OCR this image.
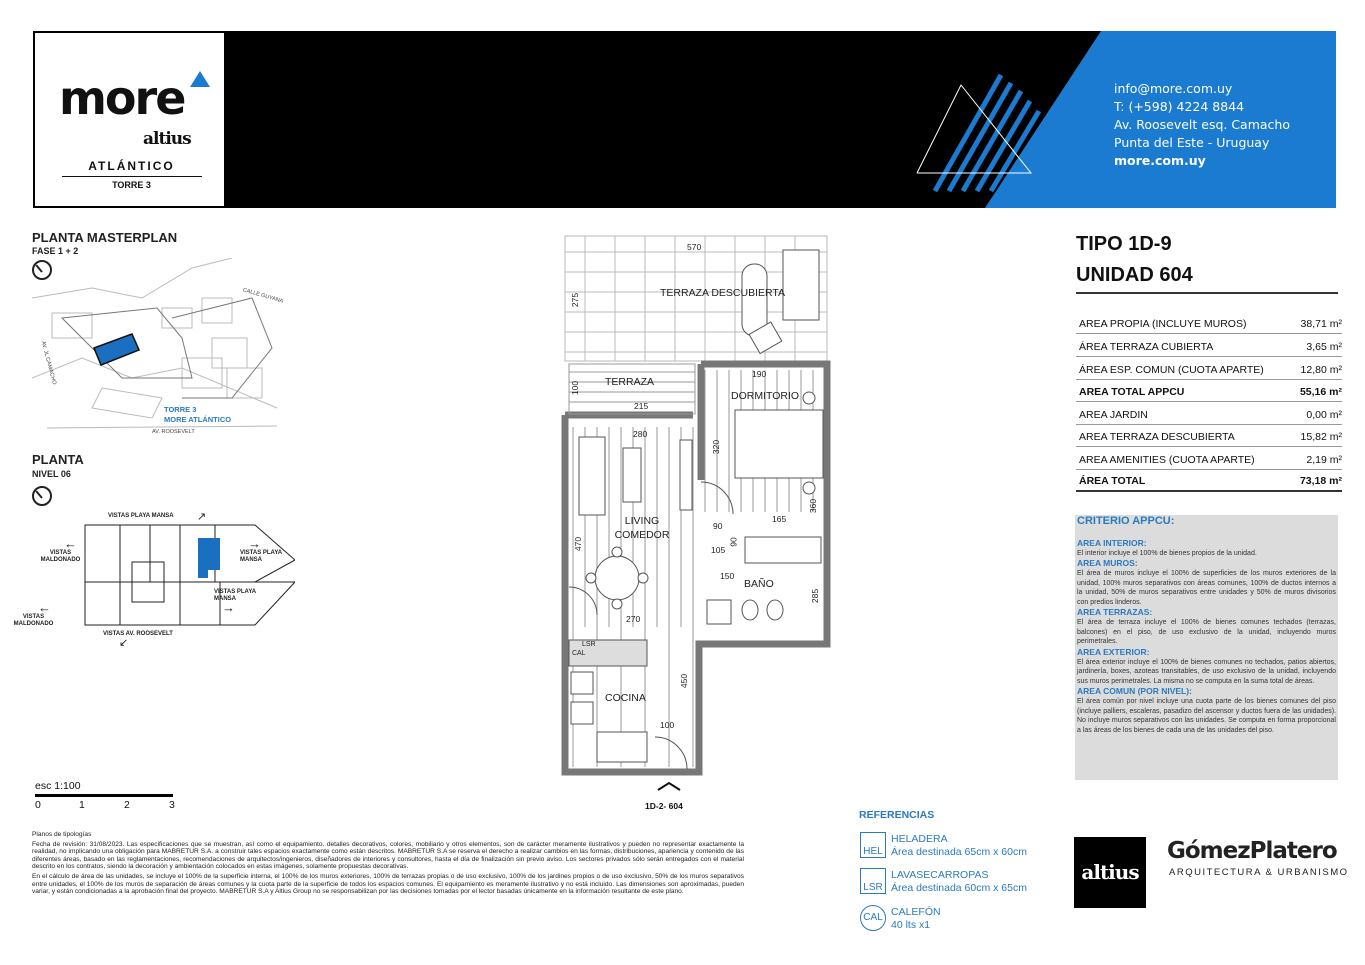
more
altius
ATLÁNTICO
TORRE 3
info@more.com.uy
T: (+598) 4224 8844
Av. Roosevelt esq. Camacho
Punta del Este - Uruguay
more.com.uy
PLANTA MASTERPLAN
FASE 1 + 2
CALLE GUYANA
AV. JL CAMACHO
AV. ROOSEVELT
TORRE 3
MORE ATLÁNTICO
PLANTA
NIVEL 06
VISTAS PLAYA MANSA ↗
←
VISTAS MALDONADO
→
VISTAS PLAYA MANSA
VISTAS PLAYA MANSA
→
←
VISTAS MALDONADO
VISTAS AV. ROOSEVELT
↙
TERRAZA DESCUBIERTA
TERRAZA
DORMITORIO
LIVING COMEDOR
BAÑO
COCINA
LSR
CAL
570
275
100
215
190
280
320
360
165
90
90
105
470
150
285
270
450
100
1D-2- 604
esc 1:100
0	1	2	3

Planos de tipologías

Fecha de revisión: 31/08/2023. Las especificaciones que se muestran, así como el equipamiento, detalles decorativos, colores, mobiliario y otros elementos, son de carácter meramente ilustrativos y pueden no representar exactamente la realidad, no implicando una obligación para MABRETUR S.A. a construir tales espacios exactamente como están descritos. MABRETUR S.A se reserva el derecho a realizar cambios en las formas, distribuciones, apariencia y contenido de las diferentes áreas, basado en las reglamentaciones, recomendaciones de arquitectos/ingenieros, diseñadores de interiores y consultores, hasta el día de finalización sin previo aviso. Los sectores privados sólo serán entregados con el material descrito en los contratos, siendo la decoración y ambientación colocados en estas imágenes, solamente propuestas decorativas.

En el cálculo de área de las unidades, se incluye el 100% de la superficie interna, el 100% de los muros exteriores, 100% de terrazas propias o de uso exclusivo, 100% de los jardines propios o de uso exclusivo, 50% de los muros separativos entre unidades, el 100% de los muros de separación de áreas comunes y la cuota parte de la superficie de todos los espacios comunes. El equipamiento es meramente ilustrativo y no está incluido. Las dimensiones son aproximadas, pueden variar, y están condicionadas a la aprobación final del proyecto. MABRETUR S.A y Altius Group no se responsabilizan por las decisiones tomadas por el lector basadas únicamente en la información resultante de este plano.

TIPO 1D-9
UNIDAD 604
AREA PROPIA (INCLUYE MUROS)	38,71 m²
ÁREA TERRAZA CUBIERTA	3,65 m²
ÁREA ESP. COMUN (CUOTA APARTE)	12,80 m²
AREA TOTAL APPCU	55,16 m²
AREA JARDIN	0,00 m²
AREA TERRAZA DESCUBIERTA	15,82 m²
AREA AMENITIES (CUOTA APARTE)	2,19 m²
ÁREA TOTAL	73,18 m²
CRITERIO APPCU:
AREA INTERIOR:
El interior incluye el 100% de bienes propios de la unidad.
AREA MUROS:
El área de muros incluye el 100% de superficies de los muros exteriores de la unidad, 100% muros separativos con áreas comunes, 100% de ductos internos a la unidad, 50% de muros separativos entre unidades y 50% de muros divisorios con predios linderos.
AREA TERRAZAS:
El área de terraza incluye el 100% de bienes comunes techados (terrazas, balcones) en el piso, de uso exclusivo de la unidad, incluyendo muros perimetrales.
AREA EXTERIOR:
El área exterior incluye el 100% de bienes comunes no techados, patios abiertos, jardinería, boxes, azoteas transitables, de uso exclusivo de la unidad, incluyendo sus muros perimetrales. La misma no se computa en la suma total de áreas.
AREA COMUN (POR NIVEL):
El área común por nivel incluye una cuota parte de los bienes comunes del piso (incluye palliers, escaleras, pasadizo del ascensor y ductos fuera de las unidades). No incluye muros separativos con las unidades. Se computa en forma proporcional a las áreas de los bienes de cada una de las unidades del piso.
REFERENCIAS
HEL
HELADERA
Área destinada 65cm x 60cm
LSR
LAVASECARROPAS
Área destinada 60cm x 65cm
CAL CALEFÓN
40 lts x1
altius
GómezPlatero
ARQUITECTURA & URBANISMO
